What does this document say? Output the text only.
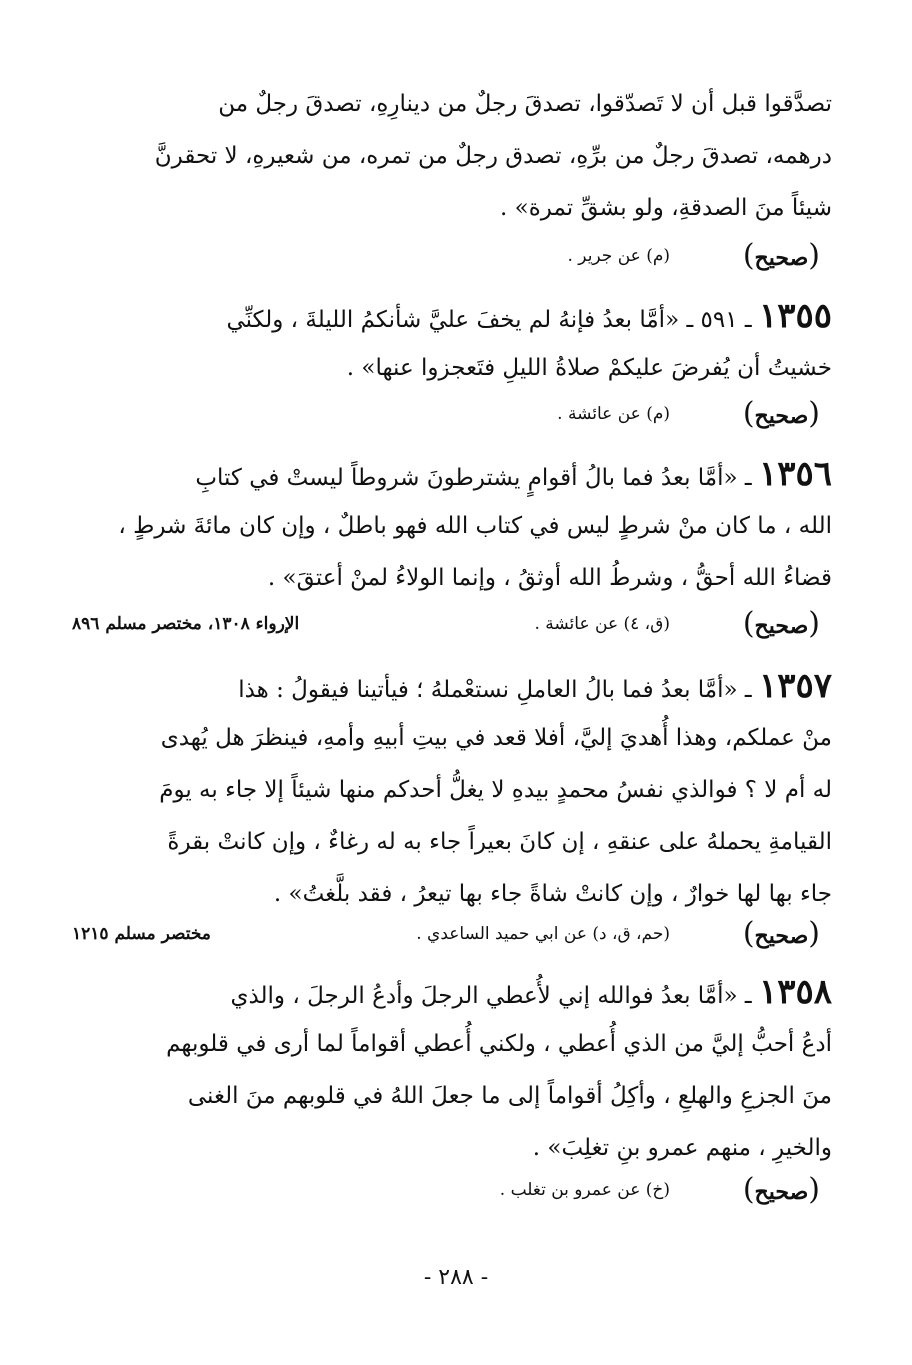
تصدَّقوا قبل أن لا تَصدّقوا، تصدقَ رجلٌ من دينارِهِ، تصدقَ رجلٌ من
درهمه، تصدقَ رجلٌ من برِّهِ، تصدق رجلٌ من تمره، من شعيرهِ، لا تحقرنَّ
شيئاً منَ الصدقةِ، ولو بشقِّ تمرة» .
(صحيح)
(م) عن جرير .
١٣٥٥ ـ ٥٩١ ـ «أمَّا بعدُ فإنهُ لم يخفَ عليَّ شأنكمُ الليلةَ ، ولكنِّي
خشيتُ أن يُفرضَ عليكمْ صلاةُ الليلِ فتَعجزوا عنها» .
(صحيح)
(م) عن عائشة .
١٣٥٦ ـ «أمَّا بعدُ فما بالُ أقوامٍ يشترطونَ شروطاً ليستْ في كتابِ
الله ، ما كان منْ شرطٍ ليس في كتاب الله فهو باطلٌ ، وإن كان مائةَ شرطٍ ،
قضاءُ الله أحقُّ ، وشرطُ الله أوثقُ ، وإنما الولاءُ لمنْ أعتقَ» .
(صحيح)
(ق، ٤) عن عائشة .
الإرواء ١٣٠٨، مختصر مسلم ٨٩٦
١٣٥٧ ـ «أمَّا بعدُ فما بالُ العاملِ نستعْملهُ ؛ فيأتينا فيقولُ : هذا
منْ عملكم، وهذا أُهديَ إليَّ، أفلا قعد في بيتِ أبيهِ وأمهِ، فينظرَ هل يُهدى
له أم لا ؟ فوالذي نفسُ محمدٍ بيدهِ لا يغلُّ أحدكم منها شيئاً إلا جاء به يومَ
القيامةِ يحملهُ على عنقهِ ، إن كانَ بعيراً جاء به له رغاءٌ ، وإن كانتْ بقرةً
جاء بها لها خوارٌ ، وإن كانتْ شاةً جاء بها تيعرُ ، فقد بلَّغتُ» .
(صحيح)
(حم، ق، د) عن ابي حميد الساعدي .
مختصر مسلم ١٢١٥
١٣٥٨ ـ «أمَّا بعدُ فوالله إني لأُعطي الرجلَ وأدعُ الرجلَ ، والذي
أدعُ أحبُّ إليَّ من الذي أُعطي ، ولكني أُعطي أقواماً لما أرى في قلوبهم
منَ الجزعِ والهلعِ ، وأكِلُ أقواماً إلى ما جعلَ اللهُ في قلوبهم منَ الغنى
والخيرِ ، منهم عمرو بنِ تغلِبَ» .
(صحيح)
(خ) عن عمرو بن تغلب .
- ٢٨٨ -
